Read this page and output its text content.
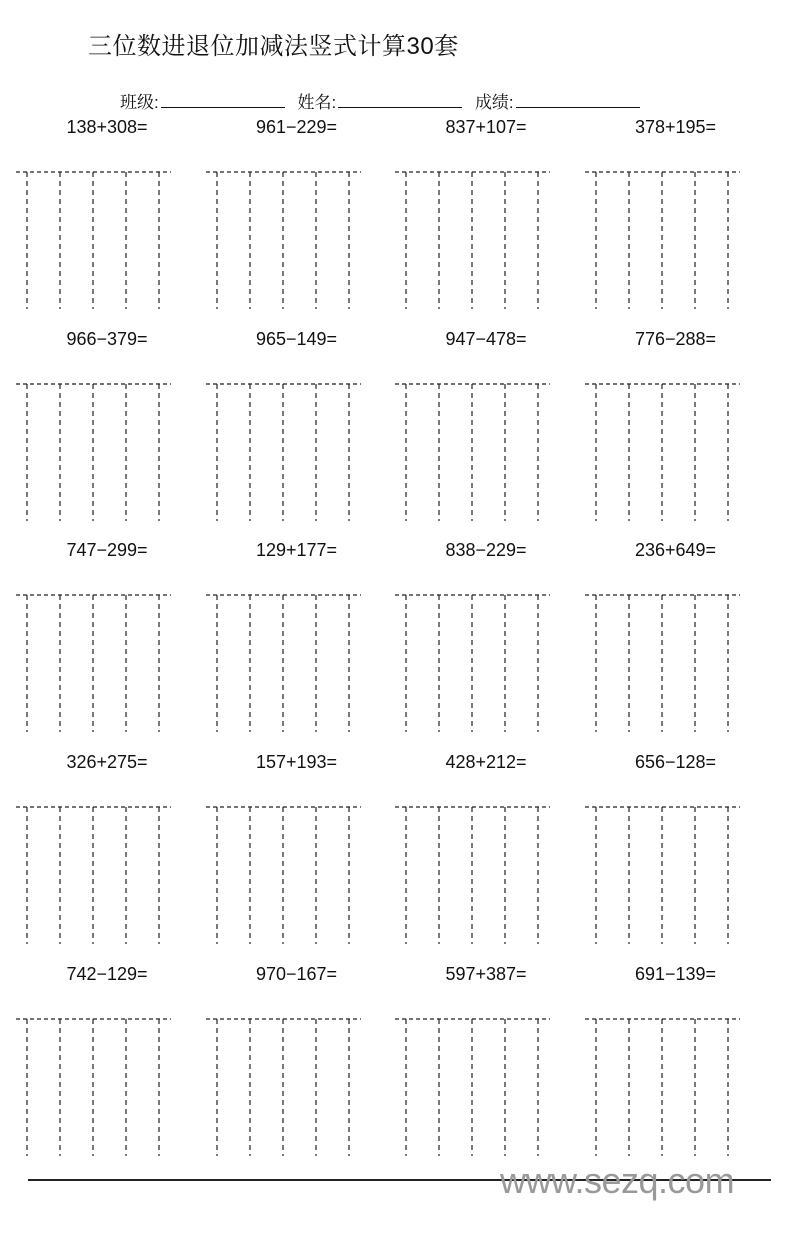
三位数进退位加减法竖式计算30套
班级:	姓名:	成绩:
138+308=	961−229=	837+107=	378+195=
966−379=	965−149=	947−478=	776−288=
747−299=	129+177=	838−229=	236+649=
326+275=	157+193=	428+212=	656−128=
742−129=	970−167=	597+387=	691−139=
www.sezq.com
